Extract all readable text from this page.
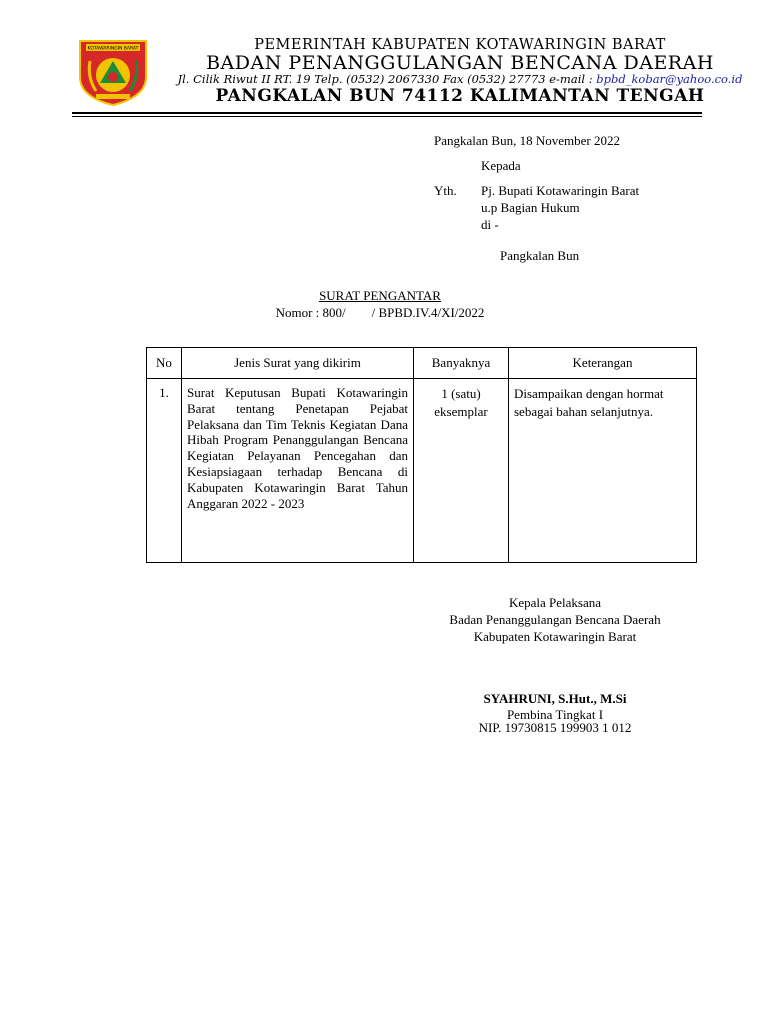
KOTAWARINGIN BARAT	PEMERINTAH KABUPATEN KOTAWARINGIN BARAT
BADAN PENANGGULANGAN BENCANA DAERAH
Jl. Cilik Riwut II RT. 19 Telp. (0532) 2067330 Fax (0532) 27773 e-mail : bpbd_kobar@yahoo.co.id
PANGKALAN BUN 74112 KALIMANTAN TENGAH
Pangkalan Bun, 18 November 2022
Kepada
Yth. Pj. Bupati Kotawaringin Barat
u.p Bagian Hukum
di -
Pangkalan Bun
SURAT PENGANTAR
Nomor : 800/        / BPBD.IV.4/XI/2022
No	Jenis Surat yang dikirim	Banyaknya	Keterangan
1.	Surat Keputusan Bupati Kotawaringin Barat tentang Penetapan Pejabat Pelaksana dan Tim Teknis Kegiatan Dana Hibah Program Penanggulangan Bencana Kegiatan Pelayanan Pencegahan dan Kesiapsiagaan terhadap Bencana di Kabupaten Kotawaringin Barat Tahun Anggaran 2022 - 2023	1 (satu) eksemplar	Disampaikan dengan hormat sebagai bahan selanjutnya.
Kepala Pelaksana
Badan Penanggulangan Bencana Daerah
Kabupaten Kotawaringin Barat
SYAHRUNI, S.Hut., M.Si
Pembina Tingkat I
NIP. 19730815 199903 1 012
